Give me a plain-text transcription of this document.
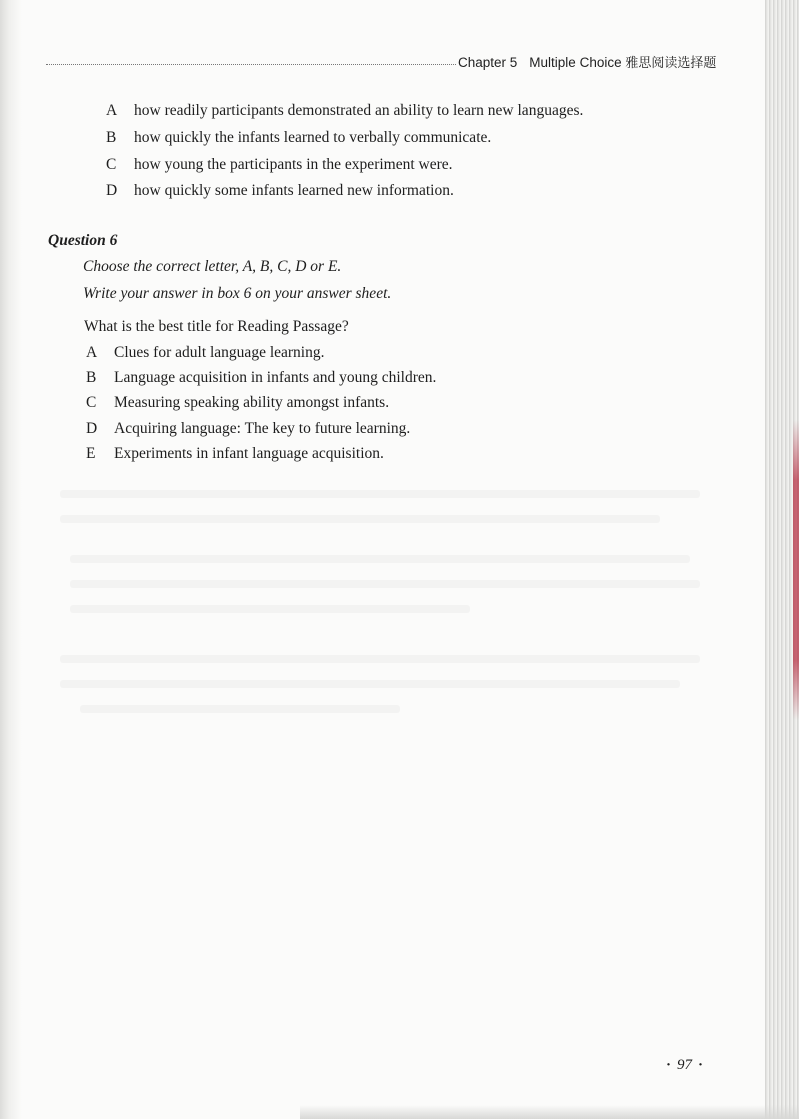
Chapter 5 Multiple Choice 雅思阅读选择题
A how readily participants demonstrated an ability to learn new languages.
B how quickly the infants learned to verbally communicate.
C how young the participants in the experiment were.
D how quickly some infants learned new information.
Question 6
Choose the correct letter, A, B, C, D or E.
Write your answer in box 6 on your answer sheet.
What is the best title for Reading Passage?
A Clues for adult language learning.
B Language acquisition in infants and young children.
C Measuring speaking ability amongst infants.
D Acquiring language: The key to future learning.
E Experiments in infant language acquisition.
· 97 ·
